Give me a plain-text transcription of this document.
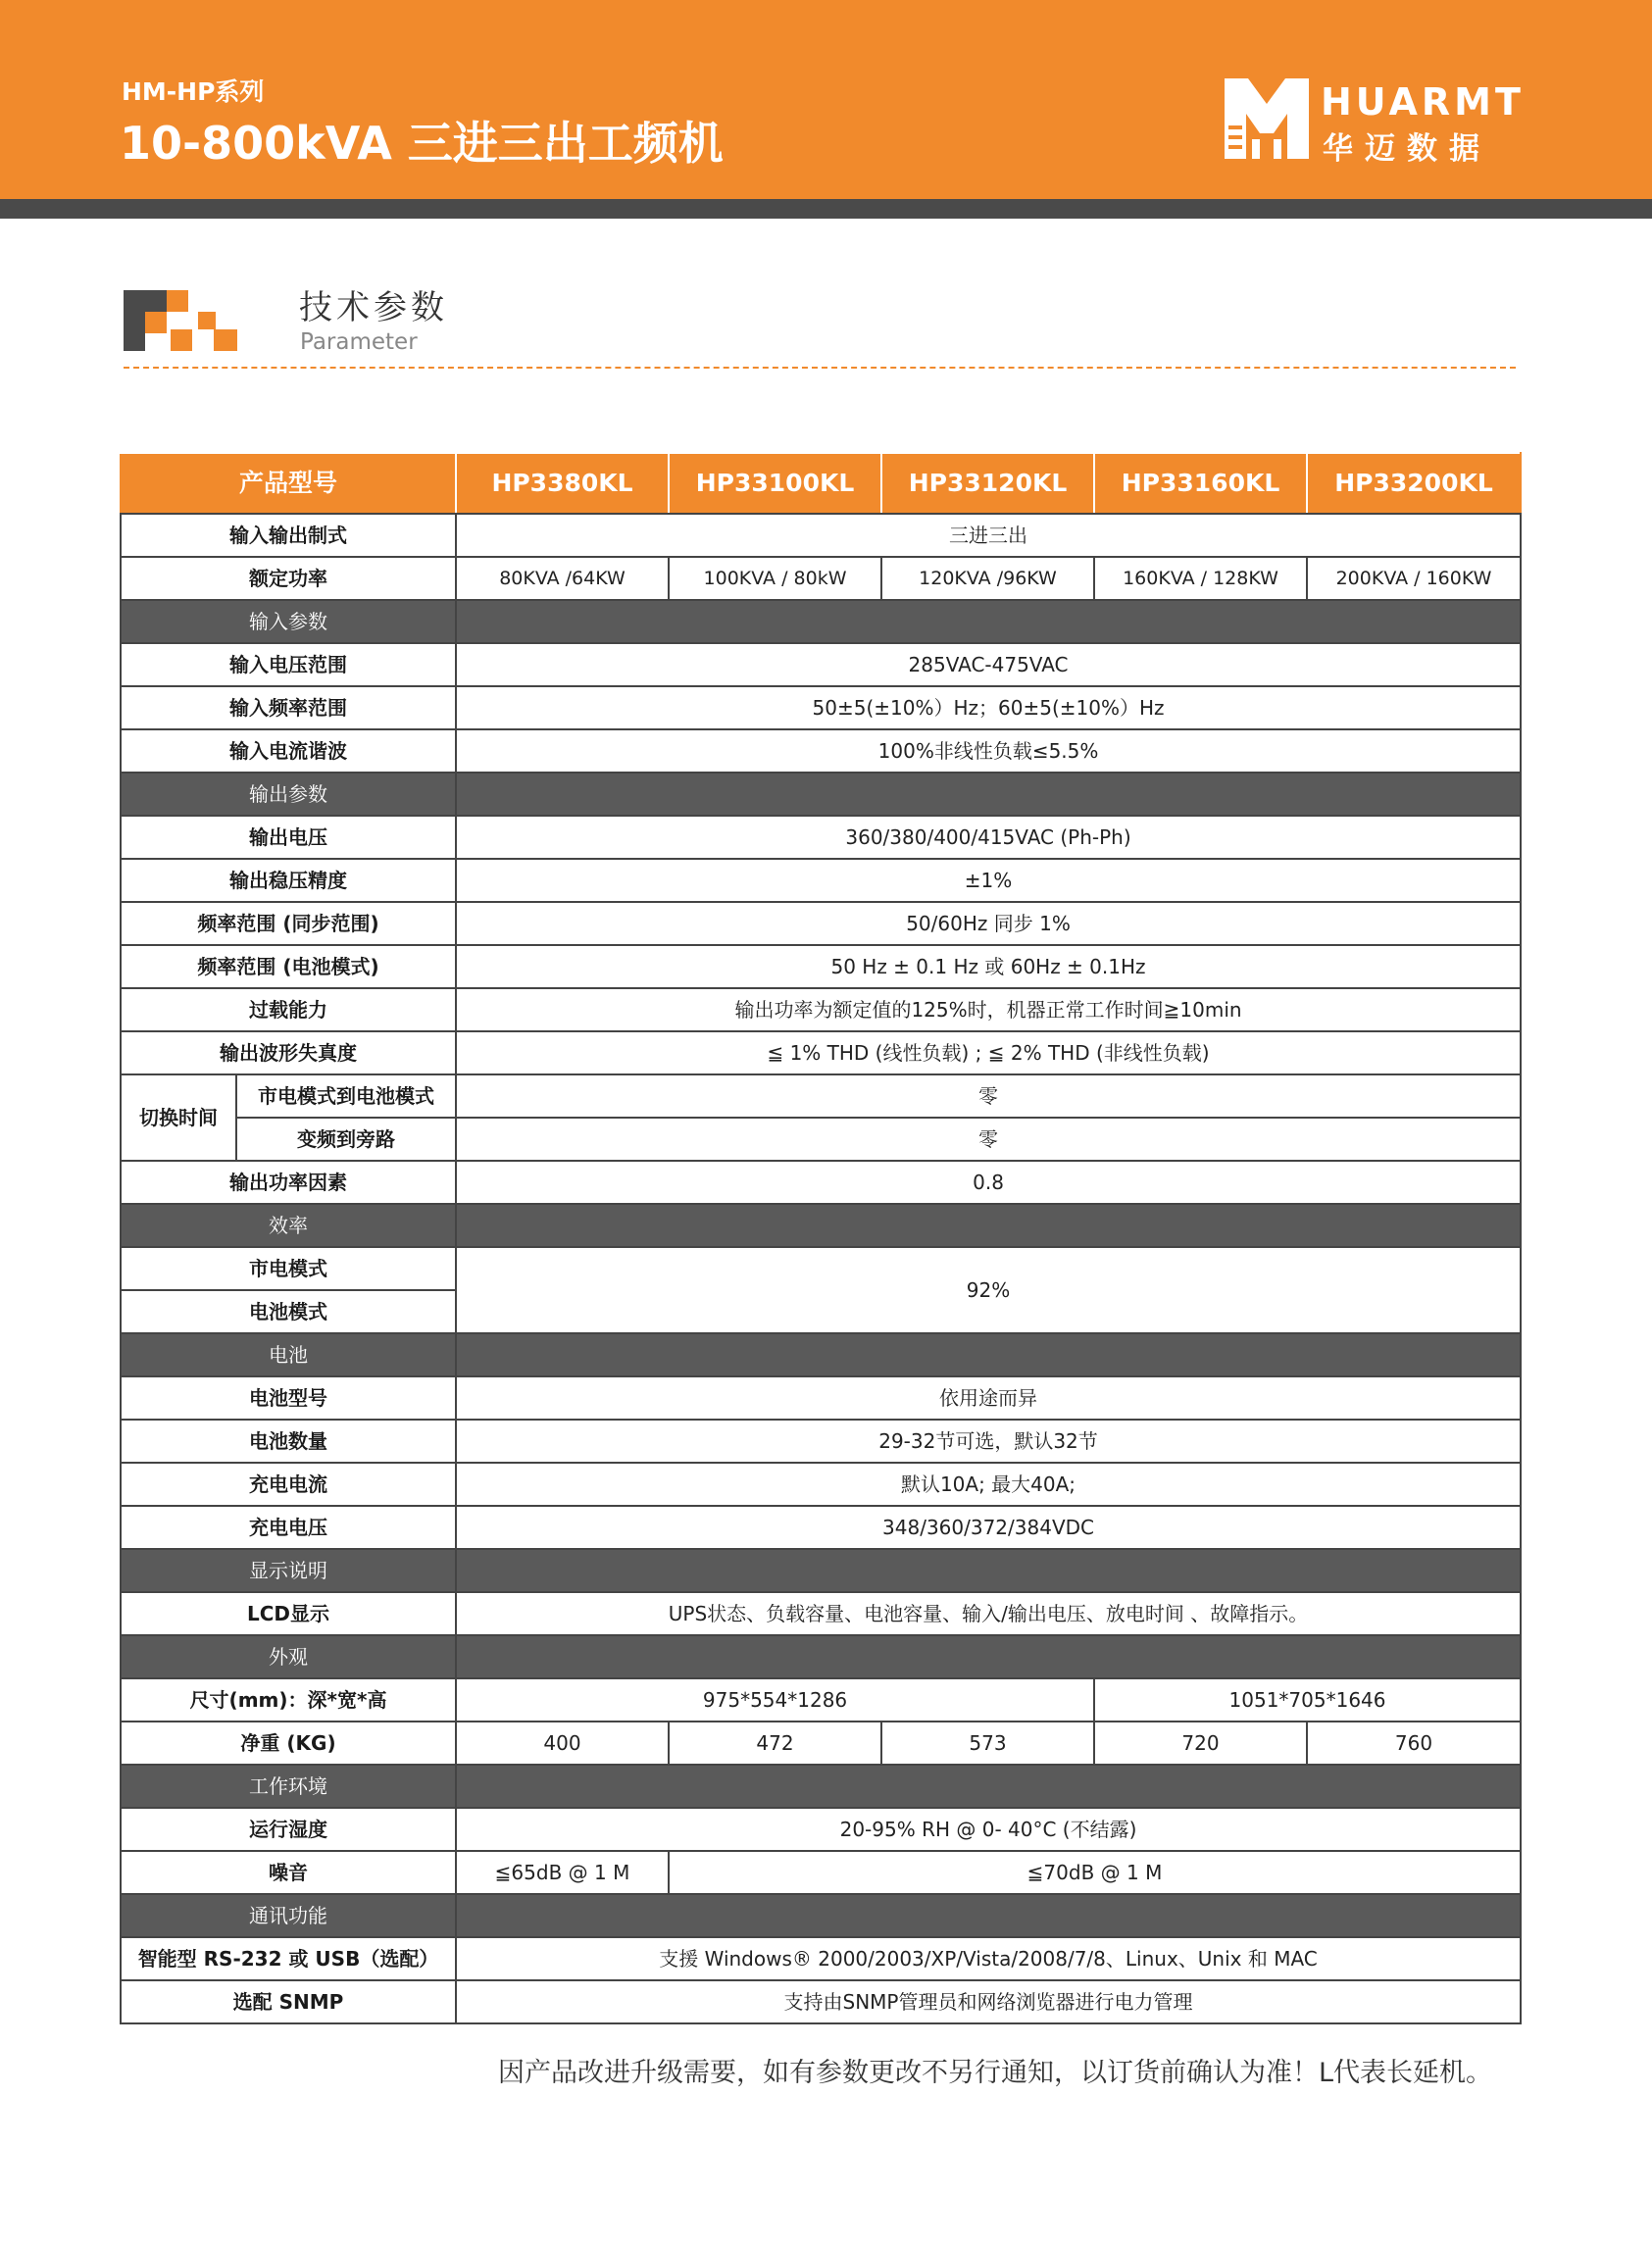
HM-HP系列
10-800kVA 三进三出工频机
HUARMT
华迈数据
技术参数
Parameter
产品型号		HP3380KL	HP33100KL	HP33120KL	HP33160KL	HP33200KL
输入输出制式		三进三出				
额定功率		80KVA /64KW	100KVA / 80kW	120KVA /96KW	160KVA / 128KW	200KVA / 160KW
输入参数						
输入电压范围		285VAC-475VAC				
输入频率范围		50±5(±10%）Hz；60±5(±10%）Hz				
输入电流谐波		100%非线性负载≤5.5%				
输出参数						
输出电压		360/380/400/415VAC (Ph-Ph)				
输出稳压精度		±1%				
频率范围 (同步范围)		50/60Hz 同步 1%				
频率范围 (电池模式)		50 Hz ± 0.1 Hz 或 60Hz ± 0.1Hz				
过载能力		输出功率为额定值的125%时，机器正常工作时间≧10min				
输出波形失真度		≦ 1% THD (线性负载) ; ≦ 2% THD (非线性负载)				
切换时间	市电模式到电池模式	零				
	变频到旁路	零				
输出功率因素		0.8				
效率						
市电模式		92%				
电池模式						
电池						
电池型号		依用途而异				
电池数量		29-32节可选，默认32节				
充电电流		默认10A; 最大40A;				
充电电压		348/360/372/384VDC				
显示说明						
LCD显示		UPS状态、负载容量、电池容量、输入/输出电压、放电时间 、故障指示。				
外观						
尺寸(mm)：深*宽*高		975*554*1286			1051*705*1646	
净重 (KG)		400	472	573	720	760
工作环境						
运行湿度		20-95% RH @ 0- 40°C (不结露)				
噪音		≦65dB @ 1 M	≦70dB @ 1 M			
通讯功能						
智能型 RS-232 或 USB（选配）		支援 Windows® 2000/2003/XP/Vista/2008/7/8、Linux、Unix 和 MAC				
选配 SNMP		支持由SNMP管理员和网络浏览器进行电力管理				
因产品改进升级需要，如有参数更改不另行通知，以订货前确认为准！L代表长延机。
